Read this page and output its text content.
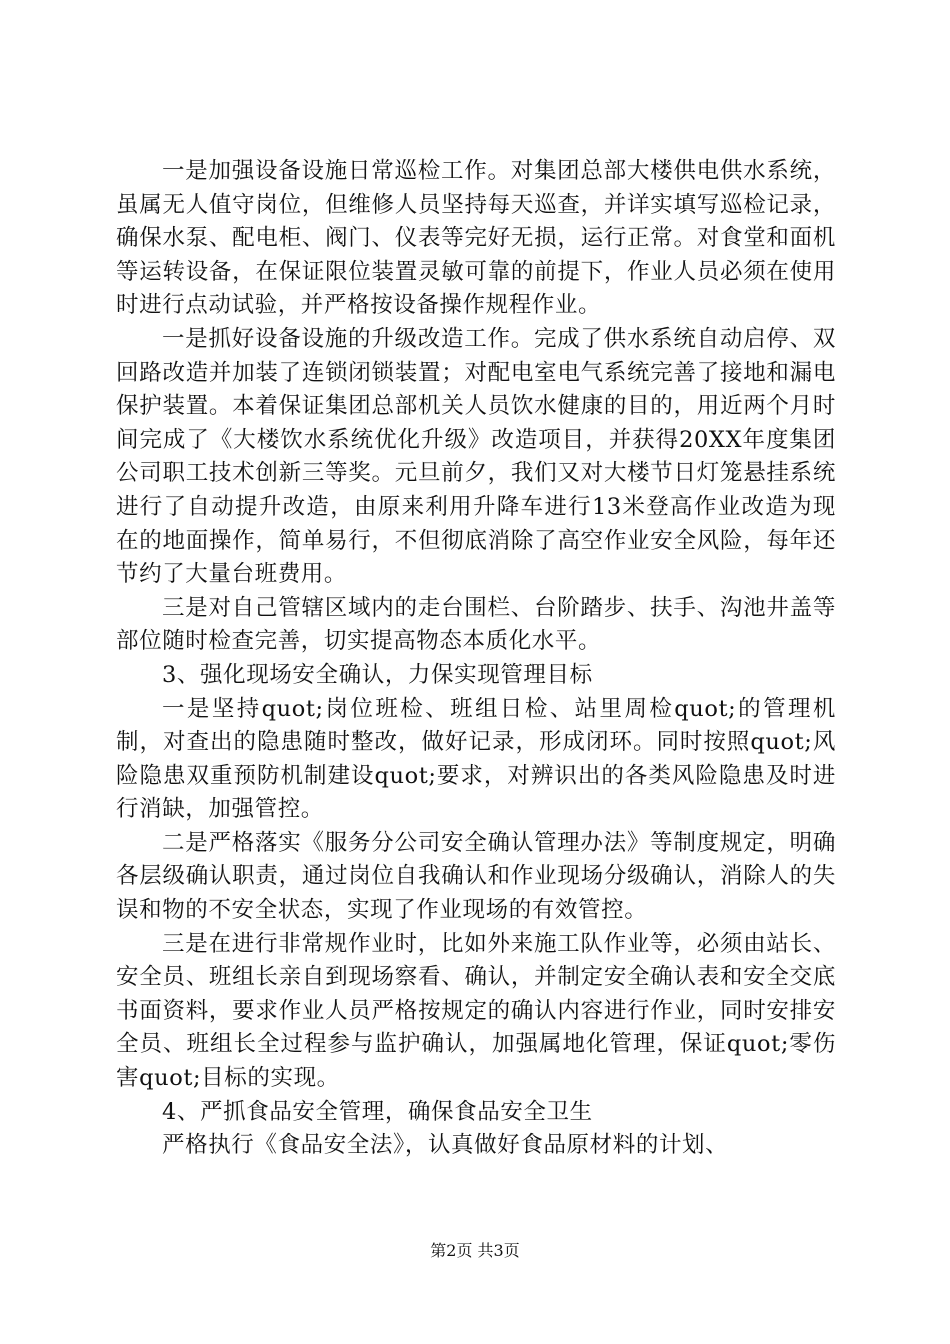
一是加强设备设施日常巡检工作。对集团总部大楼供电供水系统，虽属无人值守岗位，但维修人员坚持每天巡查，并详实填写巡检记录，确保水泵、配电柜、阀门、仪表等完好无损，运行正常。对食堂和面机等运转设备，在保证限位装置灵敏可靠的前提下，作业人员必须在使用时进行点动试验，并严格按设备操作规程作业。

一是抓好设备设施的升级改造工作。完成了供水系统自动启停、双回路改造并加装了连锁闭锁装置；对配电室电气系统完善了接地和漏电保护装置。本着保证集团总部机关人员饮水健康的目的，用近两个月时间完成了《大楼饮水系统优化升级》改造项目，并获得20XX年度集团公司职工技术创新三等奖。元旦前夕，我们又对大楼节日灯笼悬挂系统进行了自动提升改造，由原来利用升降车进行13米登高作业改造为现在的地面操作，简单易行，不但彻底消除了高空作业安全风险，每年还节约了大量台班费用。

三是对自己管辖区域内的走台围栏、台阶踏步、扶手、沟池井盖等部位随时检查完善，切实提高物态本质化水平。

3、强化现场安全确认，力保实现管理目标

一是坚持quot;岗位班检、班组日检、站里周检quot;的管理机制，对查出的隐患随时整改，做好记录，形成闭环。同时按照quot;风险隐患双重预防机制建设quot;要求，对辨识出的各类风险隐患及时进行消缺，加强管控。

二是严格落实《服务分公司安全确认管理办法》等制度规定，明确各层级确认职责，通过岗位自我确认和作业现场分级确认，消除人的失误和物的不安全状态，实现了作业现场的有效管控。

三是在进行非常规作业时，比如外来施工队作业等，必须由站长、安全员、班组长亲自到现场察看、确认，并制定安全确认表和安全交底书面资料，要求作业人员严格按规定的确认内容进行作业，同时安排安全员、班组长全过程参与监护确认，加强属地化管理，保证quot;零伤害quot;目标的实现。

4、严抓食品安全管理，确保食品安全卫生

严格执行《食品安全法》，认真做好食品原材料的计划、

第2页 共3页
